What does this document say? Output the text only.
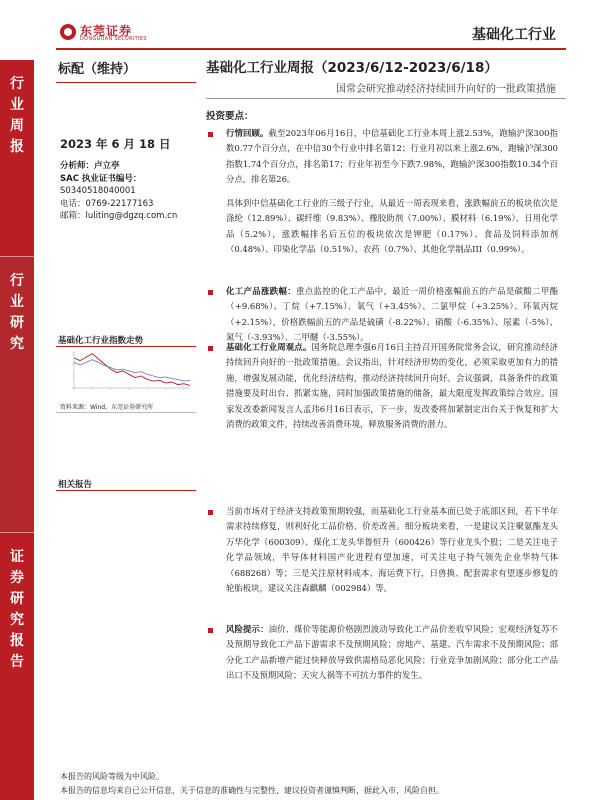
东莞证券
DONGGUAN SECURITIES	基础化工行业
行
业
周
报
行
业
研
究
证
券
研
究
报
告
标配（维持）	基础化工行业周报（2023/6/12-2023/6/18）
国常会研究推动经济持续回升向好的一批政策措施
2023 年 6 月 18 日
分析师：卢立亭
SAC 执业证书编号：
S0340518040001
电话：0769-22177163
邮箱：luliting@dgzq.com.cn
基础化工行业指数走势
资料来源：Wind，东莞证券研究所
相关报告
投资要点：
行情回顾。截至2023年06月16日，中信基础化工行业本周上涨2.53%，跑输沪深300指数0.77个百分点，在中信30个行业中排名第12；行业月初以来上涨2.6%，跑输沪深300指数1.74个百分点，排名第17；行业年初至今下跌7.98%，跑输沪深300指数10.34个百分点，排名第26。
具体到中信基础化工行业的三级子行业，从最近一周表现来看，涨跌幅前五的板块依次是涤纶（12.89%）、碳纤维（9.83%）、橡胶助剂（7.00%）、膜材料（6.19%）、日用化学品（5.2%），涨跌幅排名后五位的板块依次是钾肥（0.17%）、食品及饲料添加剂（0.48%）、印染化学品（0.51%）、农药（0.7%）、其他化学制品III（0.99%）。
化工产品涨跌幅：重点监控的化工产品中，最近一周价格涨幅前五的产品是碳酸二甲酯（+9.68%）、丁烷（+7.15%）、氧气（+3.45%）、二氯甲烷（+3.25%）、环氧丙烷（+2.15%），价格跌幅前五的产品是硫磺（-8.22%）、硝酸（-6.35%）、尿素（-5%）、氮气（-3.93%）、二甲醚（-3.55%）。
基础化工行业周观点。国务院总理李强6月16日主持召开国务院常务会议，研究推动经济持续回升向好的一批政策措施。会议指出，针对经济形势的变化，必须采取更加有力的措施，增强发展动能，优化经济结构，推动经济持续回升向好。会议强调，具备条件的政策措施要及时出台、抓紧实施，同时加强政策措施的储备，最大限度发挥政策综合效应。国家发改委新闻发言人孟玮6月16日表示，下一步，发改委将加紧制定出台关于恢复和扩大消费的政策文件，持续改善消费环境，释放服务消费的潜力。
当前市场对于经济支持政策预期较强，而基础化工行业基本面已处于底部区间，若下半年需求持续修复，则利好化工品价格、价差改善。细分板块来看，一是建议关注聚氨酯龙头万华化学（600309）、煤化工龙头华鲁恒升（600426）等行业龙头个股；二是关注电子化学品领域，半导体材料国产化进程有望加速，可关注电子特气领先企业华特气体（688268）等；三是关注原材料成本、海运费下行，日兽换、配套需求有望逐步修复的轮胎板块，建议关注森麒麟（002984）等。
风险提示：油价、煤价等能源价格剧烈波动导致化工产品价差收窄风险；宏观经济复苏不及预期导致化工产品下游需求不及预期风险；房地产、基建、汽车需求不及预期风险；部分化工产品新增产能过快释放导致供需格局恶化风险；行业竞争加剧风险；部分化工产品出口不及预期风险；天灾人祸等不可抗力事件的发生。
本报告的风险等级为中风险。
本报告的信息均来自已公开信息，关于信息的准确性与完整性，建议投资者谨慎判断，据此入市，风险自担。
